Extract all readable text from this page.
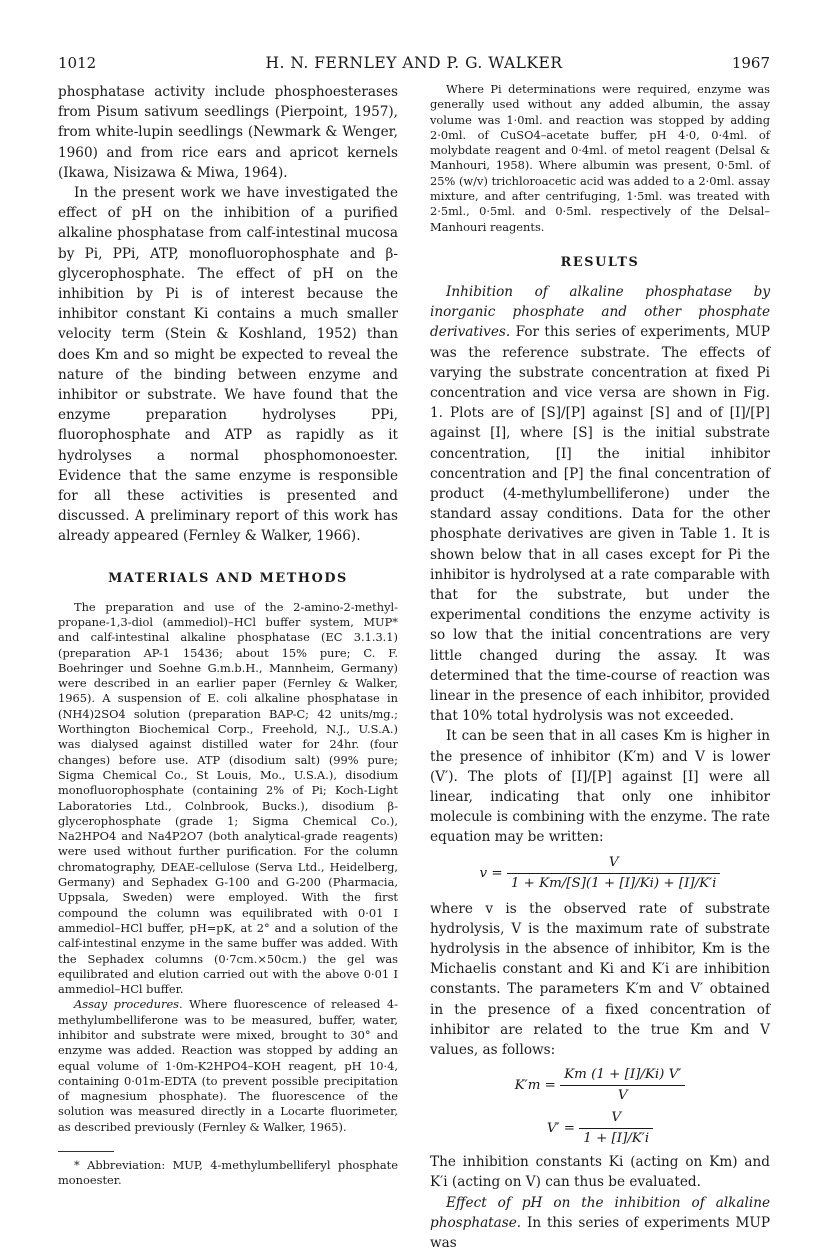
1012	H. N. FERNLEY AND P. G. WALKER	1967

phosphatase activity include phosphoesterases from Pisum sativum seedlings (Pierpoint, 1957), from white-lupin seedlings (Newmark & Wenger, 1960) and from rice ears and apricot kernels (Ikawa, Nisizawa & Miwa, 1964).

In the present work we have investigated the effect of pH on the inhibition of a purified alkaline phosphatase from calf-intestinal mucosa by Pi, PPi, ATP, monofluorophosphate and β-glycerophosphate. The effect of pH on the inhibition by Pi is of interest because the inhibitor constant Ki contains a much smaller velocity term (Stein & Koshland, 1952) than does Km and so might be expected to reveal the nature of the binding between enzyme and inhibitor or substrate. We have found that the enzyme preparation hydrolyses PPi, fluorophosphate and ATP as rapidly as it hydrolyses a normal phosphomonoester. Evidence that the same enzyme is responsible for all these activities is presented and discussed. A preliminary report of this work has already appeared (Fernley & Walker, 1966).

MATERIALS AND METHODS

The preparation and use of the 2-amino-2-methyl-propane-1,3-diol (ammediol)–HCl buffer system, MUP* and calf-intestinal alkaline phosphatase (EC 3.1.3.1) (preparation AP-1 15436; about 15% pure; C. F. Boehringer und Soehne G.m.b.H., Mannheim, Germany) were described in an earlier paper (Fernley & Walker, 1965). A suspension of E. coli alkaline phosphatase in (NH4)2SO4 solution (preparation BAP-C; 42 units/mg.; Worthington Biochemical Corp., Freehold, N.J., U.S.A.) was dialysed against distilled water for 24hr. (four changes) before use. ATP (disodium salt) (99% pure; Sigma Chemical Co., St Louis, Mo., U.S.A.), disodium monofluorophosphate (containing 2% of Pi; Koch-Light Laboratories Ltd., Colnbrook, Bucks.), disodium β-glycerophosphate (grade 1; Sigma Chemical Co.), Na2HPO4 and Na4P2O7 (both analytical-grade reagents) were used without further purification. For the column chromatography, DEAE-cellulose (Serva Ltd., Heidelberg, Germany) and Sephadex G-100 and G-200 (Pharmacia, Uppsala, Sweden) were employed. With the first compound the column was equilibrated with 0·01 I ammediol–HCl buffer, pH=pK, at 2° and a solution of the calf-intestinal enzyme in the same buffer was added. With the Sephadex columns (0·7cm.×50cm.) the gel was equilibrated and elution carried out with the above 0·01 I ammediol–HCl buffer.

Assay procedures. Where fluorescence of released 4-methylumbelliferone was to be measured, buffer, water, inhibitor and substrate were mixed, brought to 30° and enzyme was added. Reaction was stopped by adding an equal volume of 1·0m-K2HPO4–KOH reagent, pH 10·4, containing 0·01m-EDTA (to prevent possible precipitation of magnesium phosphate). The fluorescence of the solution was measured directly in a Locarte fluorimeter, as described previously (Fernley & Walker, 1965).

* Abbreviation: MUP, 4-methylumbelliferyl phosphate monoester.

Where Pi determinations were required, enzyme was generally used without any added albumin, the assay volume was 1·0ml. and reaction was stopped by adding 2·0ml. of CuSO4–acetate buffer, pH 4·0, 0·4ml. of molybdate reagent and 0·4ml. of metol reagent (Delsal & Manhouri, 1958). Where albumin was present, 0·5ml. of 25% (w/v) trichloroacetic acid was added to a 2·0ml. assay mixture, and after centrifuging, 1·5ml. was treated with 2·5ml., 0·5ml. and 0·5ml. respectively of the Delsal–Manhouri reagents.

RESULTS

Inhibition of alkaline phosphatase by inorganic phosphate and other phosphate derivatives. For this series of experiments, MUP was the reference substrate. The effects of varying the substrate concentration at fixed Pi concentration and vice versa are shown in Fig. 1. Plots are of [S]/[P] against [S] and of [I]/[P] against [I], where [S] is the initial substrate concentration, [I] the initial inhibitor concentration and [P] the final concentration of product (4-methylumbelliferone) under the standard assay conditions. Data for the other phosphate derivatives are given in Table 1. It is shown below that in all cases except for Pi the inhibitor is hydrolysed at a rate comparable with that for the substrate, but under the experimental conditions the enzyme activity is so low that the initial concentrations are very little changed during the assay. It was determined that the time-course of reaction was linear in the presence of each inhibitor, provided that 10% total hydrolysis was not exceeded.

It can be seen that in all cases Km is higher in the presence of inhibitor (K′m) and V is lower (V′). The plots of [I]/[P] against [I] were all linear, indicating that only one inhibitor molecule is combining with the enzyme. The rate equation may be written:

$v = \frac{V}{1 + Km/[S](1 + [I]/Ki) + [I]/K'i}$

where v is the observed rate of substrate hydrolysis, V is the maximum rate of substrate hydrolysis in the absence of inhibitor, Km is the Michaelis constant and Ki and K′i are inhibition constants. The parameters K′m and V′ obtained in the presence of a fixed concentration of inhibitor are related to the true Km and V values, as follows:

$K'm = \frac{Km (1 + [I]/Ki) V'}{V}$
$V' = \frac{V}{1 + [I]/K'i}$

The inhibition constants Ki (acting on Km) and K′i (acting on V) can thus be evaluated.

Effect of pH on the inhibition of alkaline phosphatase. In this series of experiments MUP was
